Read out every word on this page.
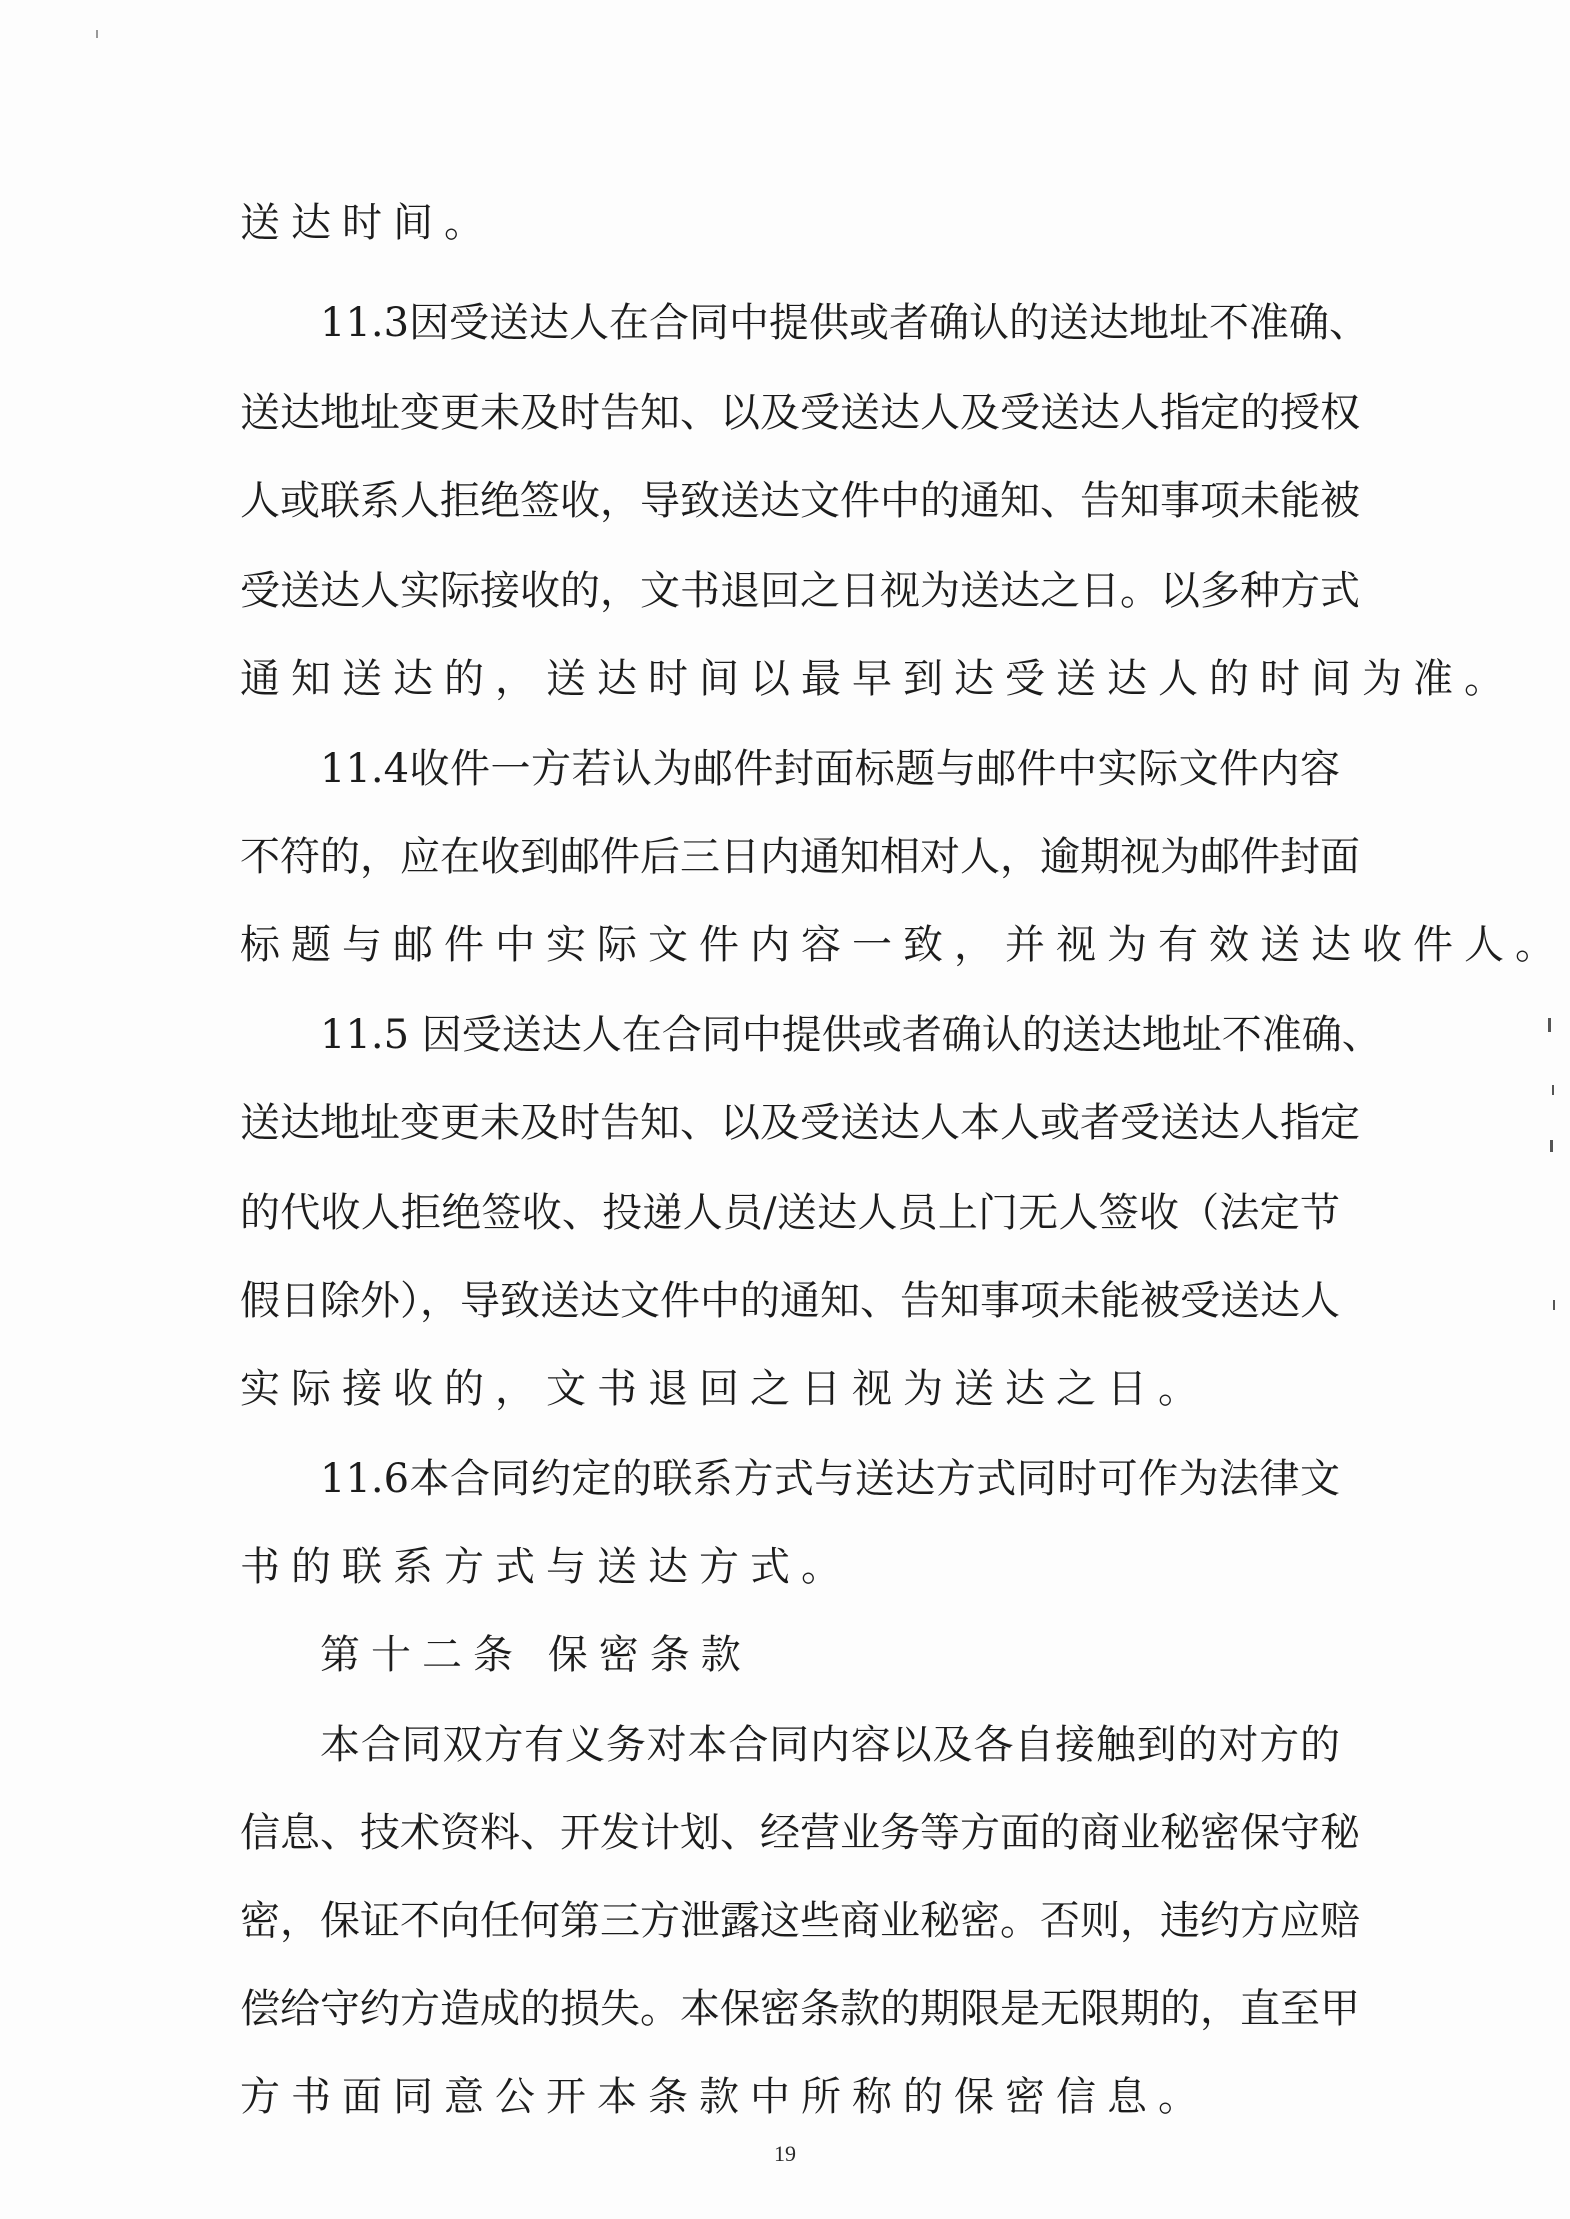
送达时间。
11.3因受送达人在合同中提供或者确认的送达地址不准确、
送达地址变更未及时告知、以及受送达人及受送达人指定的授权
人或联系人拒绝签收，导致送达文件中的通知、告知事项未能被
受送达人实际接收的，文书退回之日视为送达之日。以多种方式
通知送达的，送达时间以最早到达受送达人的时间为准。
11.4收件一方若认为邮件封面标题与邮件中实际文件内容
不符的，应在收到邮件后三日内通知相对人，逾期视为邮件封面
标题与邮件中实际文件内容一致，并视为有效送达收件人。
11.5 因受送达人在合同中提供或者确认的送达地址不准确、
送达地址变更未及时告知、以及受送达人本人或者受送达人指定
的代收人拒绝签收、投递人员/送达人员上门无人签收（法定节
假日除外），导致送达文件中的通知、告知事项未能被受送达人
实际接收的，文书退回之日视为送达之日。
11.6本合同约定的联系方式与送达方式同时可作为法律文
书的联系方式与送达方式。
第十二条 保密条款
本合同双方有义务对本合同内容以及各自接触到的对方的
信息、技术资料、开发计划、经营业务等方面的商业秘密保守秘
密，保证不向任何第三方泄露这些商业秘密。否则，违约方应赔
偿给守约方造成的损失。本保密条款的期限是无限期的，直至甲
方书面同意公开本条款中所称的保密信息。
19
